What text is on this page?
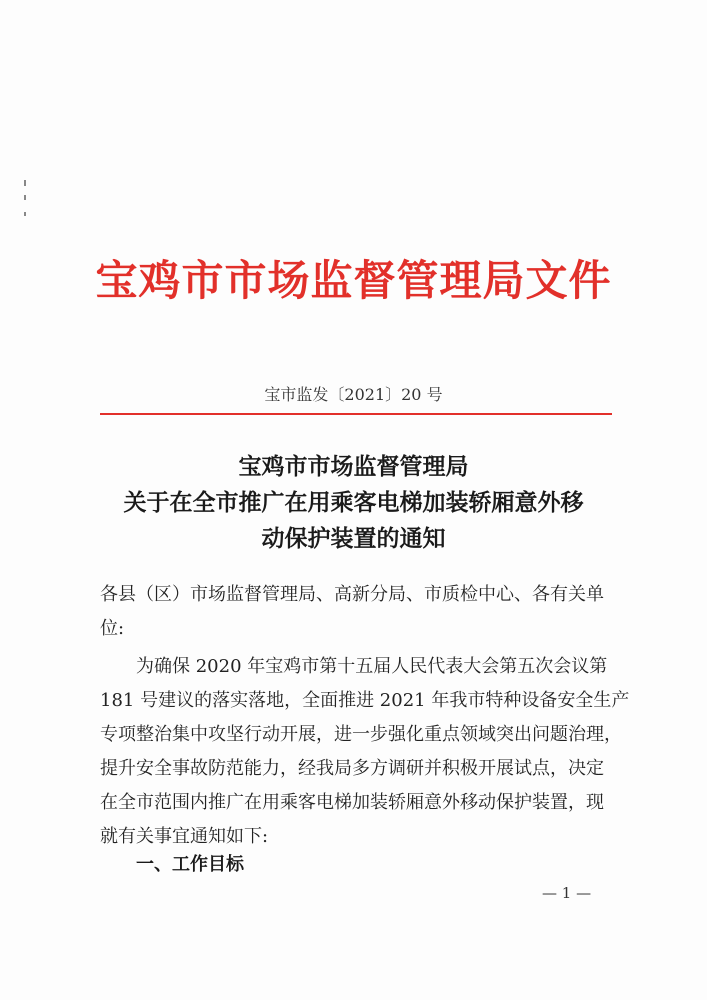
宝鸡市市场监督管理局文件
宝市监发〔2021〕20 号
宝鸡市市场监督管理局
关于在全市推广在用乘客电梯加装轿厢意外移
动保护装置的通知
各县（区）市场监督管理局、高新分局、市质检中心、各有关单
位:
为确保 2020 年宝鸡市第十五届人民代表大会第五次会议第
181 号建议的落实落地，全面推进 2021 年我市特种设备安全生产
专项整治集中攻坚行动开展，进一步强化重点领域突出问题治理，
提升安全事故防范能力，经我局多方调研并积极开展试点，决定
在全市范围内推广在用乘客电梯加装轿厢意外移动保护装置，现
就有关事宜通知如下:
一、工作目标
— 1 —
